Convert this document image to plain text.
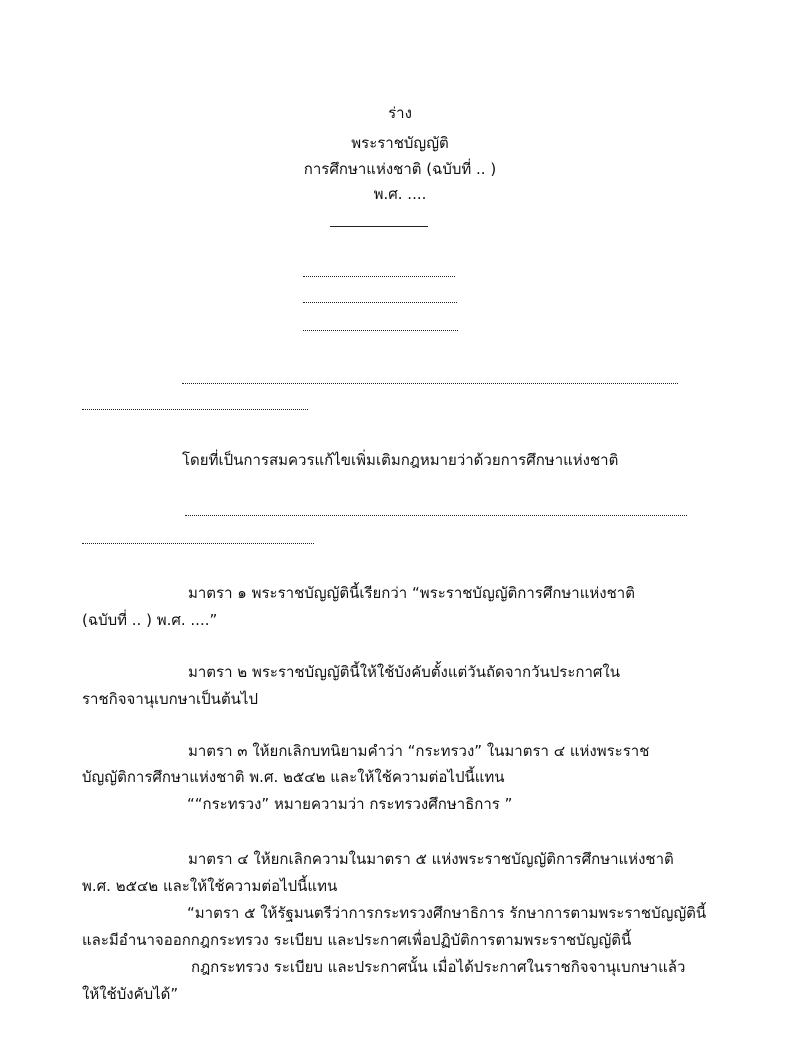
ร่าง
พระราชบัญญัติ
การศึกษาแห่งชาติ (ฉบับที่ .. )
พ.ศ. ....
โดยที่เป็นการสมควรแก้ไขเพิ่มเติมกฎหมายว่าด้วยการศึกษาแห่งชาติ
มาตรา ๑ พระราชบัญญัตินี้เรียกว่า “พระราชบัญญัติการศึกษาแห่งชาติ
(ฉบับที่ .. ) พ.ศ. ....”
มาตรา ๒ พระราชบัญญัตินี้ให้ใช้บังคับตั้งแต่วันถัดจากวันประกาศใน
ราชกิจจานุเบกษาเป็นต้นไป
มาตรา ๓ ให้ยกเลิกบทนิยามคำว่า “กระทรวง” ในมาตรา ๔ แห่งพระราช
บัญญัติการศึกษาแห่งชาติ พ.ศ. ๒๕๔๒ และให้ใช้ความต่อไปนี้แทน
““กระทรวง” หมายความว่า กระทรวงศึกษาธิการ ”
มาตรา ๔ ให้ยกเลิกความในมาตรา ๕ แห่งพระราชบัญญัติการศึกษาแห่งชาติ
พ.ศ. ๒๕๔๒ และให้ใช้ความต่อไปนี้แทน
“มาตรา ๕ ให้รัฐมนตรีว่าการกระทรวงศึกษาธิการ รักษาการตามพระราชบัญญัตินี้
และมีอำนาจออกกฎกระทรวง ระเบียบ และประกาศเพื่อปฏิบัติการตามพระราชบัญญัตินี้
กฎกระทรวง ระเบียบ และประกาศนั้น เมื่อได้ประกาศในราชกิจจานุเบกษาแล้ว
ให้ใช้บังคับได้”
